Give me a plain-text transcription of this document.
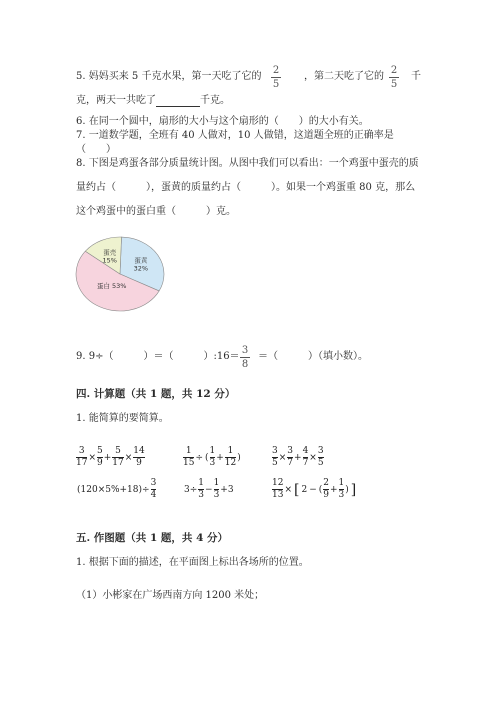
5. 妈妈买来 5 千克水果，第一天吃了它的
2
5
，第二天吃了它的
2
5
千
克，两天一共吃了	千克。
6. 在同一个圆中，扇形的大小与这个扇形的（　　）的大小有关。
7. 一道数学题，全班有 40 人做对，10 人做错，这道题全班的正确率是
（　　）
8. 下图是鸡蛋各部分质量统计图。从图中我们可以看出：一个鸡蛋中蛋壳的质
量约占（　　　），蛋黄的质量约占（　　　）。如果一个鸡蛋重 80 克，那么
这个鸡蛋中的蛋白重（　　　）克。
蛋黄
32%
蛋白 53%
蛋壳
15%
9. 9÷（　　　）＝（　　　）:16＝
3
8
＝（　　　）（填小数）。
四. 计算题（共 1 题，共 12 分）
1. 能简算的要简算。
$\frac{3}{17} \times \frac{5}{9} + \frac{5}{17} \times \frac{14}{9}$	$\frac{1}{15}$ ÷ ( $\frac{1}{3} + \frac{1}{12}$ )	$\frac{3}{5} \times \frac{3}{7} + \frac{4}{7} \times \frac{3}{5}$
$(120\times 5\%+18)\div \frac{3}{4}$	$3\div \frac{1}{3} - \frac{1}{3} +3$	$\frac{12}{13}$ × [ 2 − ( $\frac{2}{9} + \frac{1}{3}$ ) ]
五. 作图题（共 1 题，共 4 分）
1. 根据下面的描述，在平面图上标出各场所的位置。
（1）小彬家在广场西南方向 1200 米处；
